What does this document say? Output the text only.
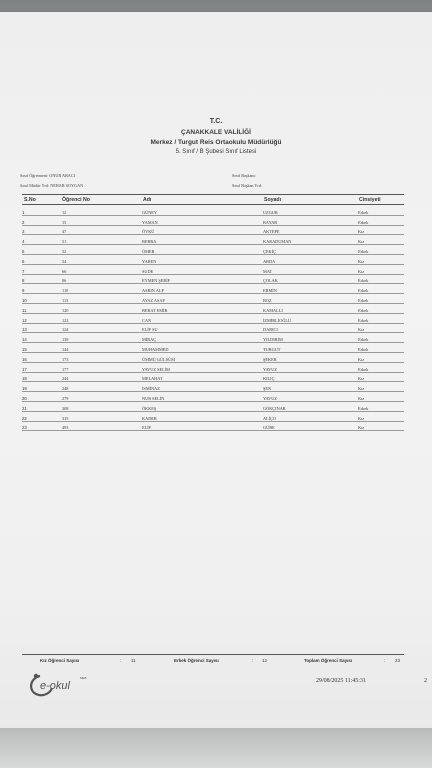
T.C.
ÇANAKKALE VALİLİĞİ
Merkez / Turgut Reis Ortaokulu Müdürlüğü
5. Sınıf / B Şubesi Sınıf Listesi
Sınıf Öğretmeni: ONUR ABACI
Sınıf Müdür Yrd: NEHAR SOYGAN
Sınıf Başkanı:
Sınıf Başkan Yrd:
S.No	Öğrenci No	Adı	Soyadı	Cinsiyeti
1	12	GÜNEY	UZGUR	Erkek
2	13	YAMAN	BAYAR	Erkek
3	47	ÖYKÜ	AKTEPE	Kız
4	51	BERRA	KARADUMAN	Kız
5	52	ÖMER	ÇEKİÇ	Erkek
6	54	YAREN	ARDA	Kız
7	66	SUDE	MAT	Kız
8	86	EYMEN ŞERİF	ÇOLAK	Erkek
9	110	ASRIN ALP	ERMİN	Erkek
10	113	AYAZ ASAF	BOZ	Erkek
11	120	BERAT EMİR	KAMALLI	Erkek
12	122	CAN	İZMİRLİOĞLU	Erkek
13	124	ELİF SU	DARICI	Kız
14	139	MİRAÇ	YILDIRIM	Erkek
15	144	MUHAMMED	TURGUT	Erkek
16	173	ÜMMÜ GÜLSÜM	ŞEKER	Kız
17	177	YAVUZ SELİM	YAVUZ	Erkek
18	244	MELAHAT	KILIÇ	Kız
19	248	İSMİNAZ	ŞEN	Kız
20	279	NUR SELİN	YAVUZ	Kız
21	308	ÖKKEŞ	GÖKÇINAR	Erkek
22	315	KADER	ALİÇO	Kız
23	493	ELİF	GÜBE	Kız
Kız Öğrenci Sayısı	: 11	Erkek Öğrenci Sayısı	: 12	Toplam Öğrenci Sayısı	: 23
MEB
e-okul	29/08/2025 11:45:31	2
